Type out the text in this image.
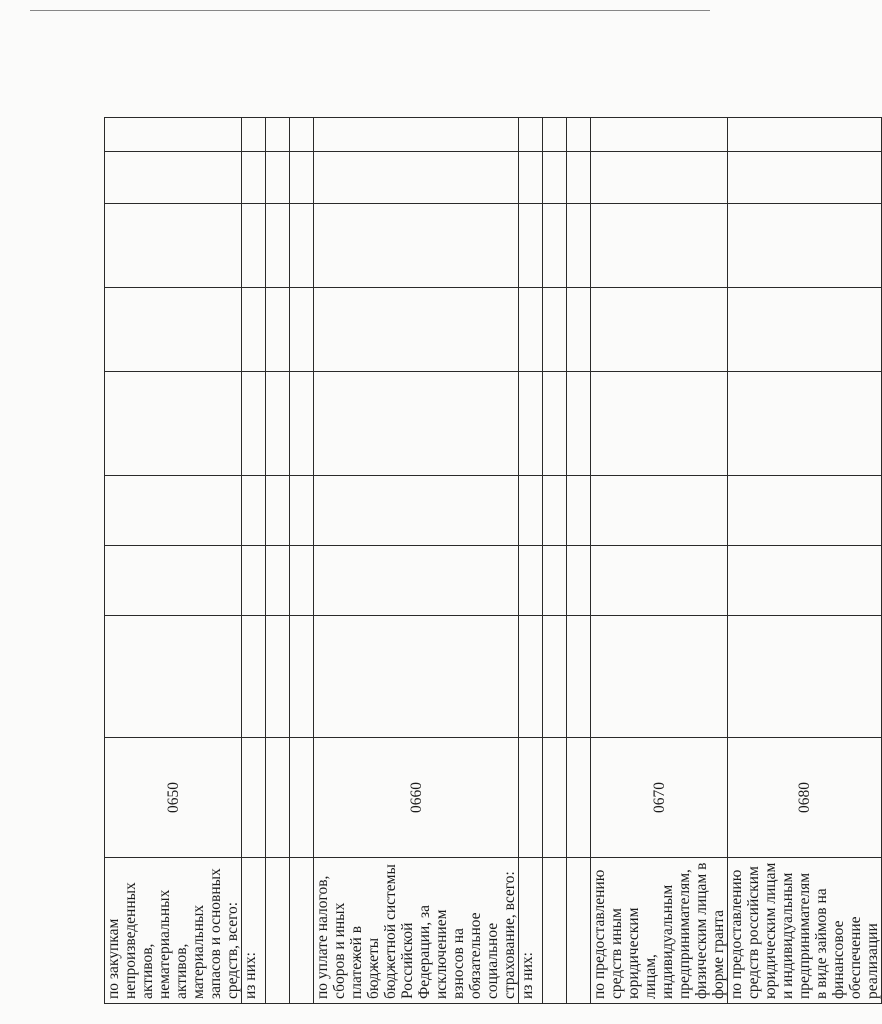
по закупкам непроизведенных активов, нематериальных активов, материальных запасов и основных средств, всего:	0650								
из них:									

по уплате налогов, сборов и иных платежей в бюджеты бюджетной системы Российской Федерации, за исключением взносов на обязательное социальное страхование, всего:	0660								
из них:									

по предоставлению средств иным юридическим лицам, индивидуальным предпринимателям, физическим лицам в форме гранта	0670								
по предоставлению средств российским юридическим лицам и индивидуальным предпринимателям в виде займов на финансовое обеспечение реализации	0680								
